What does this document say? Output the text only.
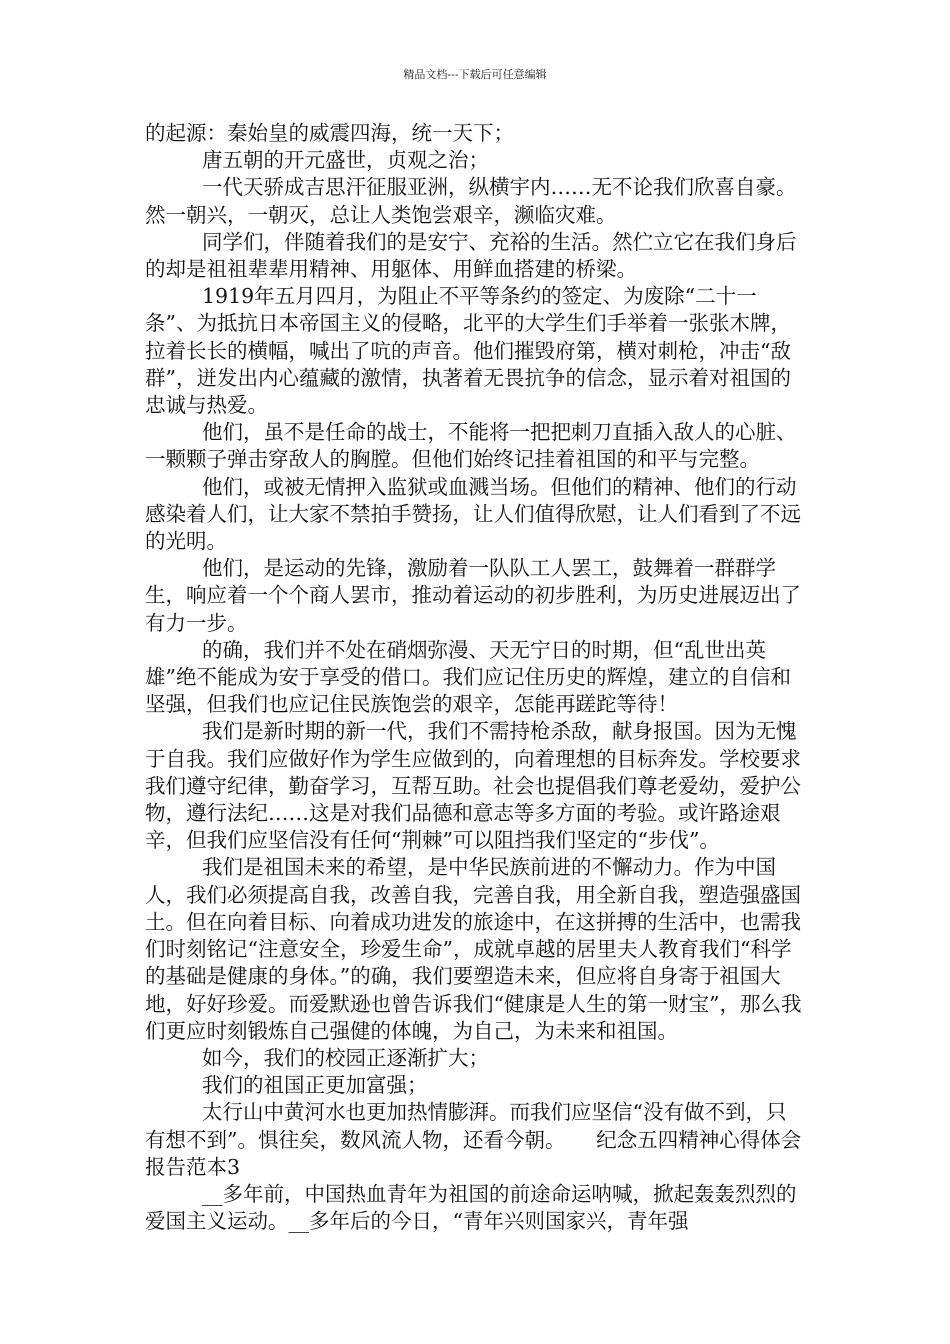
精品文档---下载后可任意编辑

的起源：秦始皇的威震四海，统一天下；

唐五朝的开元盛世，贞观之治；

一代天骄成吉思汗征服亚洲，纵横宇内……无不论我们欣喜自豪。然一朝兴，一朝灭，总让人类饱尝艰辛，濒临灾难。

同学们，伴随着我们的是安宁、充裕的生活。然伫立它在我们身后的却是祖祖辈辈用精神、用躯体、用鲜血搭建的桥梁。

1919年五月四月，为阻止不平等条约的签定、为废除“二十一条”、为抵抗日本帝国主义的侵略，北平的大学生们手举着一张张木牌，拉着长长的横幅，喊出了吭的声音。他们摧毁府第，横对刺枪，冲击“敌群”，迸发出内心蕴藏的激情，执著着无畏抗争的信念，显示着对祖国的忠诚与热爱。

他们，虽不是任命的战士，不能将一把把刺刀直插入敌人的心脏、一颗颗子弹击穿敌人的胸膛。但他们始终记挂着祖国的和平与完整。

他们，或被无情押入监狱或血溅当场。但他们的精神、他们的行动感染着人们，让大家不禁拍手赞扬，让人们值得欣慰，让人们看到了不远的光明。

他们，是运动的先锋，激励着一队队工人罢工，鼓舞着一群群学生，响应着一个个商人罢市，推动着运动的初步胜利，为历史进展迈出了有力一步。

的确，我们并不处在硝烟弥漫、天无宁日的时期，但“乱世出英雄”绝不能成为安于享受的借口。我们应记住历史的辉煌，建立的自信和坚强，但我们也应记住民族饱尝的艰辛，怎能再蹉跎等待！

我们是新时期的新一代，我们不需持枪杀敌，献身报国。因为无愧于自我。我们应做好作为学生应做到的，向着理想的目标奔发。学校要求我们遵守纪律，勤奋学习，互帮互助。社会也提倡我们尊老爱幼，爱护公物，遵行法纪……这是对我们品德和意志等多方面的考验。或许路途艰辛，但我们应坚信没有任何“荆棘”可以阻挡我们坚定的“步伐”。

我们是祖国未来的希望，是中华民族前进的不懈动力。作为中国人，我们必须提高自我，改善自我，完善自我，用全新自我，塑造强盛国土。但在向着目标、向着成功进发的旅途中，在这拼搏的生活中，也需我们时刻铭记“注意安全，珍爱生命”，成就卓越的居里夫人教育我们“科学的基础是健康的身体。”的确，我们要塑造未来，但应将自身寄于祖国大地，好好珍爱。而爱默逊也曾告诉我们“健康是人生的第一财宝”，那么我们更应时刻锻炼自己强健的体魄，为自己，为未来和祖国。

如今，我们的校园正逐渐扩大；

我们的祖国正更加富强；

太行山中黄河水也更加热情膨湃。而我们应坚信“没有做不到，只有想不到”。惧往矣，数风流人物，还看今朝。　　纪念五四精神心得体会报告范本3

__多年前，中国热血青年为祖国的前途命运呐喊，掀起轰轰烈烈的爱国主义运动。__多年后的今日，“青年兴则国家兴，青年强
